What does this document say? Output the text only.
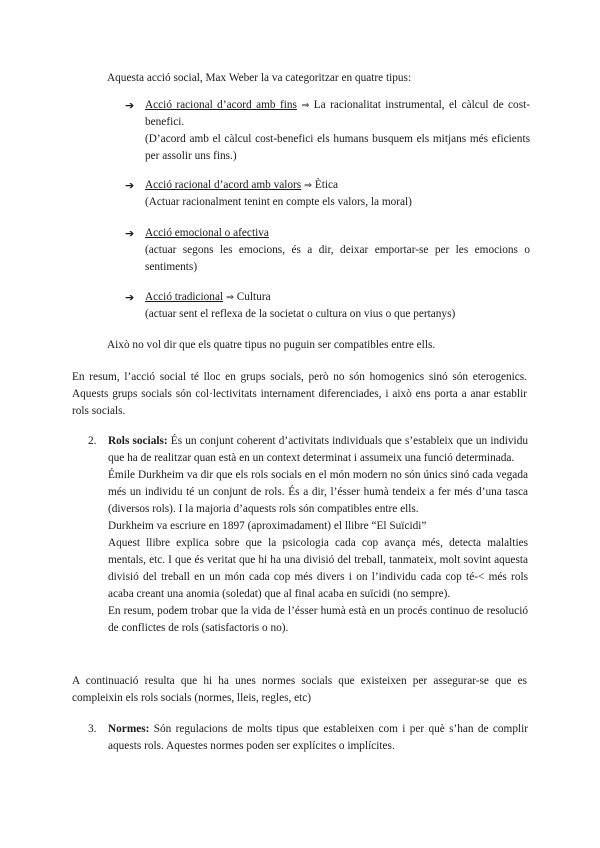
Aquesta acció social, Max Weber la va categoritzar en quatre tipus:
➔ Acció racional d’acord amb fins ⇒ La racionalitat instrumental, el càlcul de cost-benefici.
(D’acord amb el càlcul cost-benefici els humans busquem els mitjans més eficients per assolir uns fins.)
➔ Acció racional d’acord amb valors ⇒ Ètica
(Actuar racionalment tenint en compte els valors, la moral)
➔ Acció emocional o afectiva
(actuar segons les emocions, és a dir, deixar emportar-se per les emocions o sentiments)
➔ Acció tradicional ⇒ Cultura
(actuar sent el reflexa de la societat o cultura on vius o que pertanys)
Això no vol dir que els quatre tipus no puguin ser compatibles entre ells.
En resum, l’acció social té lloc en grups socials, però no són homogenics sinó són eterogenics. Aquests grups socials són col·lectivitats internament diferenciades, i això ens porta a anar establir rols socials.
2.	Rols socials: És un conjunt coherent d’activitats individuals que s’estableix que un individu que ha de realitzar quan està en un context determinat i assumeix una funció determinada.
Émile Durkheim va dir que els rols socials en el món modern no són únics sinó cada vegada més un individu té un conjunt de rols. És a dir, l’ésser humà tendeix a fer més d’una tasca (diversos rols). I la majoria d’aquests rols són compatibles entre ells.
Durkheim va escriure en 1897 (aproximadament) el llibre “El Suïcidi”
Aquest llibre explica sobre que la psicologia cada cop avança més, detecta malalties mentals, etc. I que és veritat que hi ha una divisió del treball, tanmateix, molt sovint aquesta divisió del treball en un món cada cop més divers i on l’individu cada cop té-< més rols acaba creant una anomia (soledat) que al final acaba en suïcidi (no sempre).
En resum, podem trobar que la vida de l’ésser humà està en un procés continuo de resolució de conflictes de rols (satisfactoris o no).
A continuació resulta que hi ha unes normes socials que existeixen per assegurar-se que es compleixin els rols socials (normes, lleis, regles, etc)
3.	Normes: Són regulacions de molts tipus que estableixen com i per què s’han de complir aquests rols. Aquestes normes poden ser explícites o implícites.
